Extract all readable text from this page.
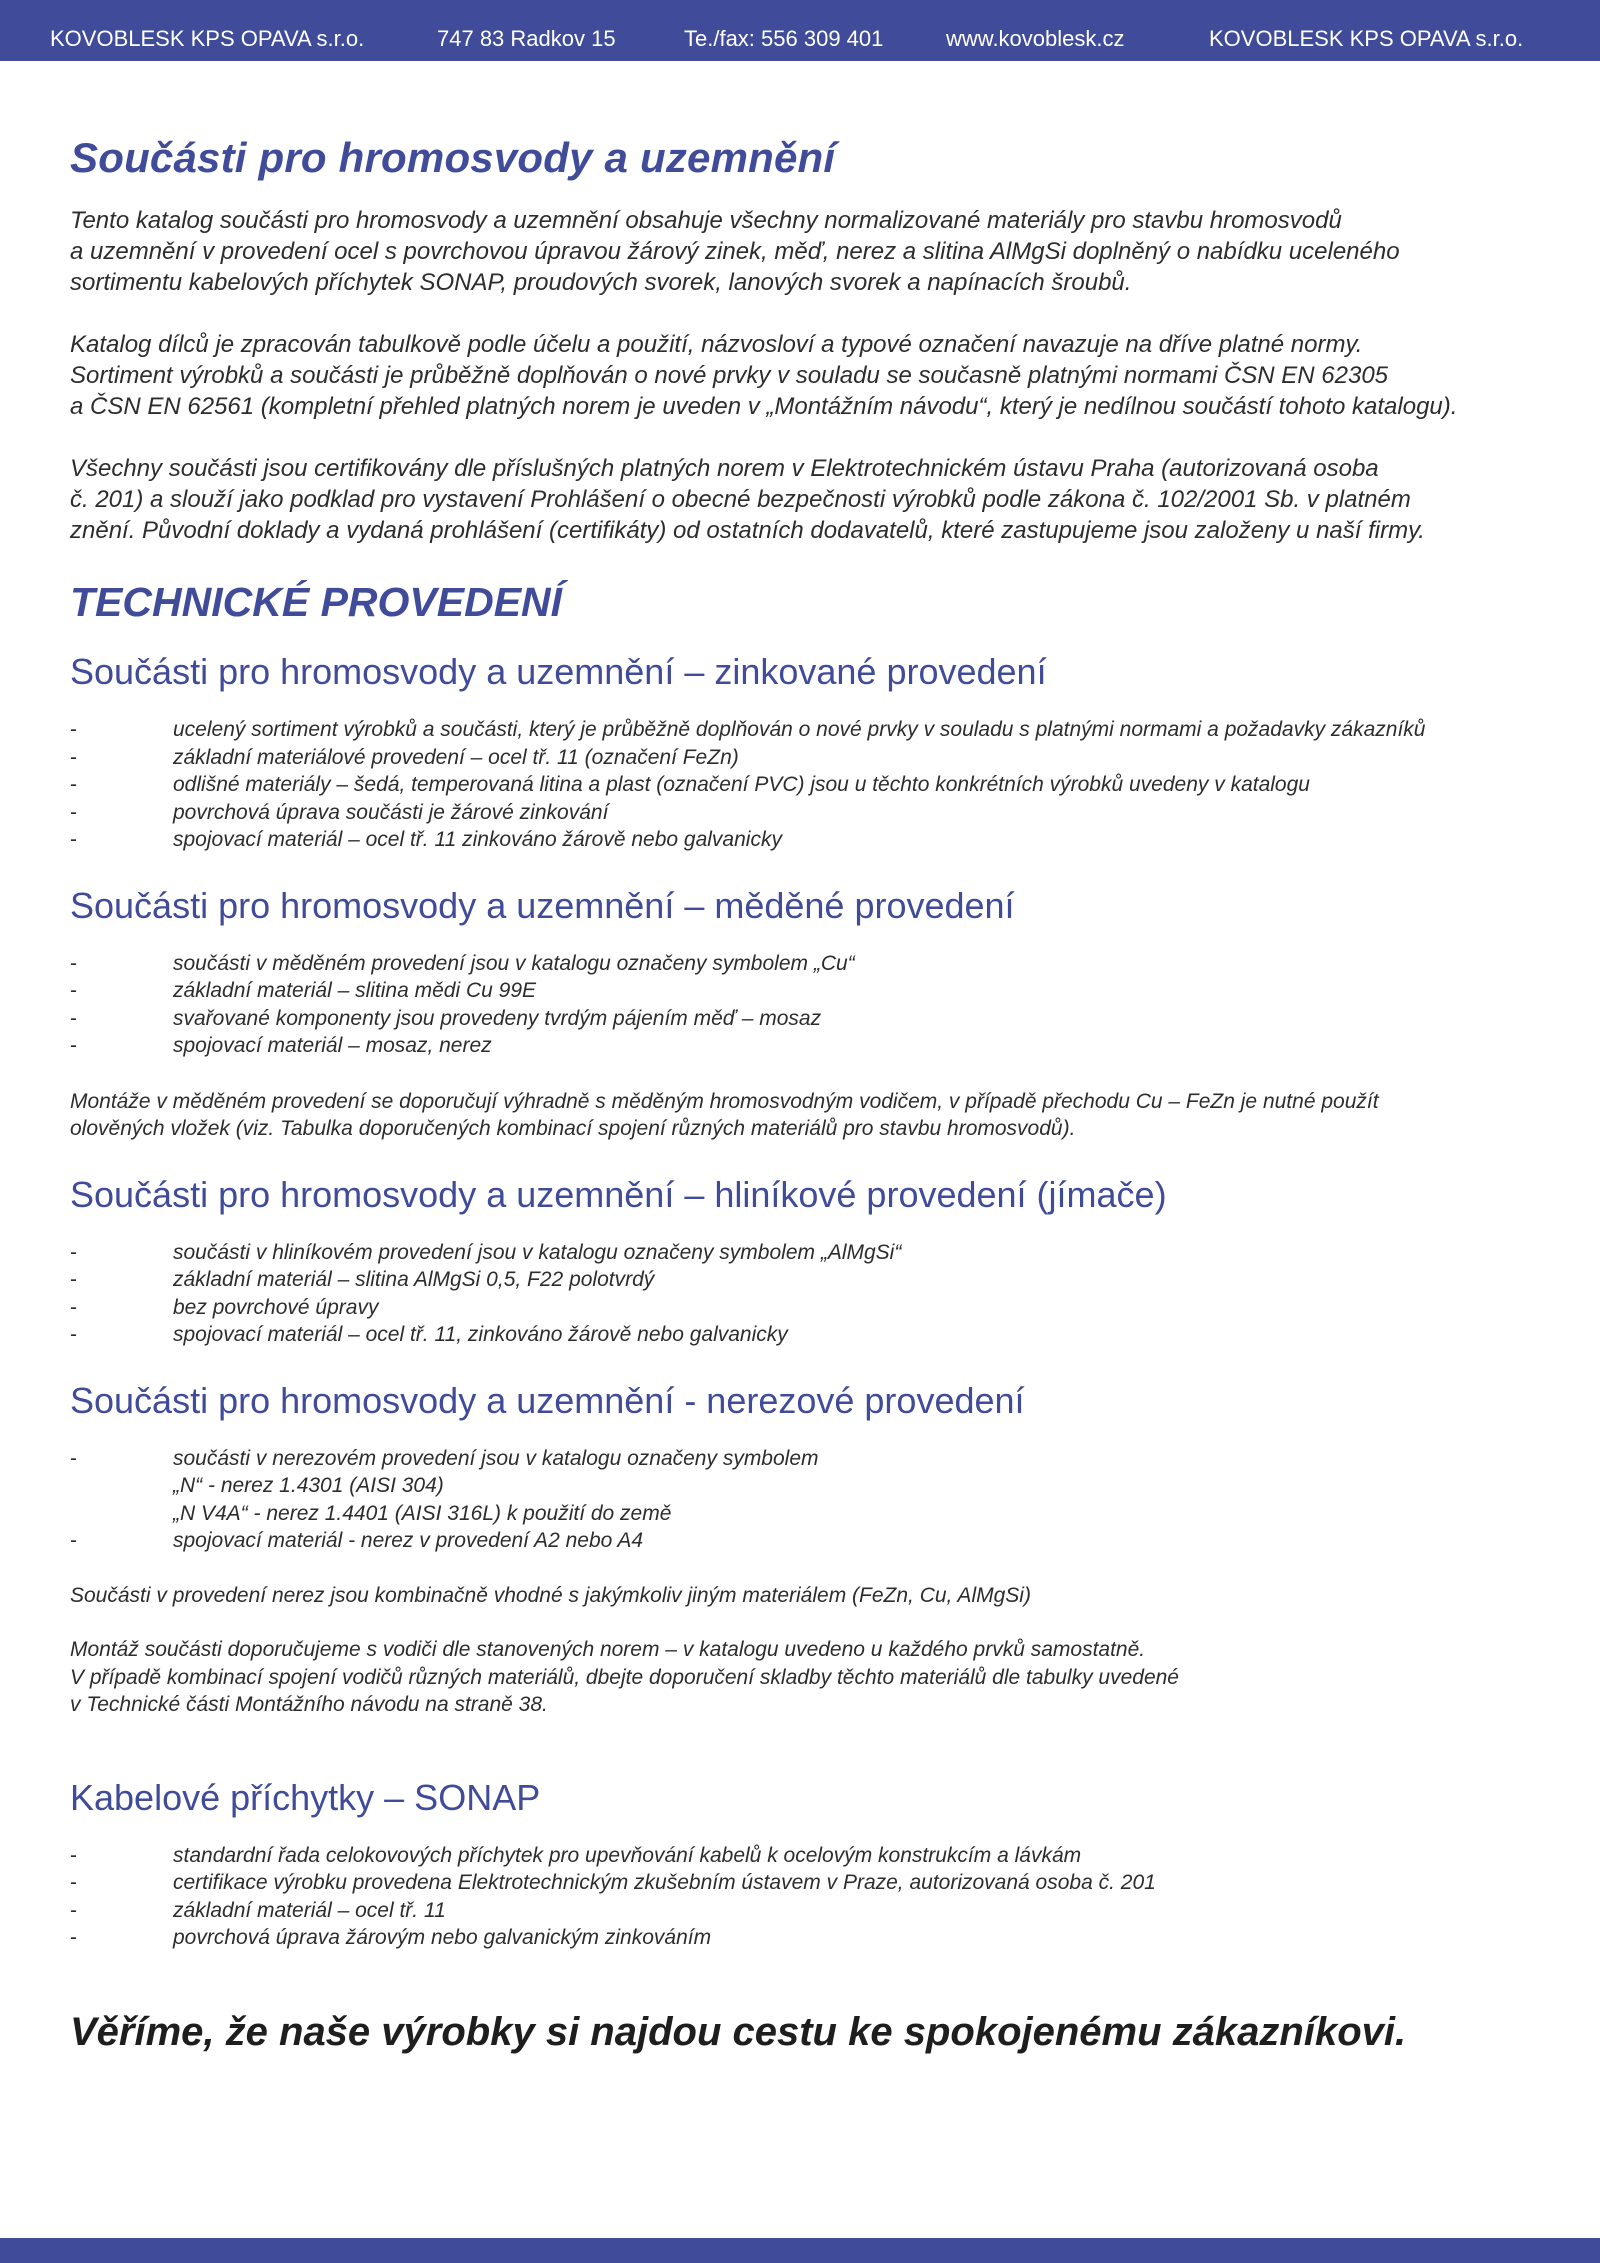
KOVOBLESK KPS OPAVA s.r.o.	747 83 Radkov 15	Te./fax: 556 309 401	www.kovoblesk.cz	KOVOBLESK KPS OPAVA s.r.o.
Součásti pro hromosvody a uzemnění

Tento katalog součásti pro hromosvody a uzemnění obsahuje všechny normalizované materiály pro stavbu hromosvodů
a uzemnění v provedení ocel s povrchovou úpravou žárový zinek, měď, nerez a slitina AlMgSi doplněný o nabídku uceleného
sortimentu kabelových příchytek SONAP, proudových svorek, lanových svorek a napínacích šroubů.

Katalog dílců je zpracován tabulkově podle účelu a použití, názvosloví a typové označení navazuje na dříve platné normy.
Sortiment výrobků a součásti je průběžně doplňován o nové prvky v souladu se současně platnými normami ČSN EN 62305
a ČSN EN 62561 (kompletní přehled platných norem je uveden v „Montážním návodu“, který je nedílnou součástí tohoto katalogu).

Všechny součásti jsou certifikovány dle příslušných platných norem v Elektrotechnickém ústavu Praha (autorizovaná osoba
č. 201) a slouží jako podklad pro vystavení Prohlášení o obecné bezpečnosti výrobků podle zákona č. 102/2001 Sb. v platném
znění. Původní doklady a vydaná prohlášení (certifikáty) od ostatních dodavatelů, které zastupujeme jsou založeny u naší firmy.

TECHNICKÉ PROVEDENÍ
Součásti pro hromosvody a uzemnění – zinkované provedení
-	ucelený sortiment výrobků a součásti, který je průběžně doplňován o nové prvky v souladu s platnými normami a požadavky zákazníků
-	základní materiálové provedení – ocel tř. 11 (označení FeZn)
-	odlišné materiály – šedá, temperovaná litina a plast (označení PVC) jsou u těchto konkrétních výrobků uvedeny v katalogu
-	povrchová úprava součásti je žárové zinkování
-	spojovací materiál – ocel tř. 11 zinkováno žárově nebo galvanicky
Součásti pro hromosvody a uzemnění – měděné provedení
-	součásti v měděném provedení jsou v katalogu označeny symbolem „Cu“
-	základní materiál – slitina mědi Cu 99E
-	svařované komponenty jsou provedeny tvrdým pájením měď – mosaz
-	spojovací materiál – mosaz, nerez

Montáže v měděném provedení se doporučují výhradně s měděným hromosvodným vodičem, v případě přechodu Cu – FeZn je nutné použít
olověných vložek (viz. Tabulka doporučených kombinací spojení různých materiálů pro stavbu hromosvodů).

Součásti pro hromosvody a uzemnění – hliníkové provedení (jímače)
-	součásti v hliníkovém provedení jsou v katalogu označeny symbolem „AlMgSi“
-	základní materiál – slitina AlMgSi 0,5, F22 polotvrdý
-	bez povrchové úpravy
-	spojovací materiál – ocel tř. 11, zinkováno žárově nebo galvanicky
Součásti pro hromosvody a uzemnění - nerezové provedení
-	součásti v nerezovém provedení jsou v katalogu označeny symbolem
„N“ - nerez 1.4301 (AISI 304)
„N V4A“ - nerez 1.4401 (AISI 316L) k použití do země
-	spojovací materiál - nerez v provedení A2 nebo A4

Součásti v provedení nerez jsou kombinačně vhodné s jakýmkoliv jiným materiálem (FeZn, Cu, AlMgSi)

Montáž součásti doporučujeme s vodiči dle stanovených norem – v katalogu uvedeno u každého prvků samostatně.
V případě kombinací spojení vodičů různých materiálů, dbejte doporučení skladby těchto materiálů dle tabulky uvedené
v Technické části Montážního návodu na straně 38.

Kabelové příchytky – SONAP
-	standardní řada celokovových příchytek pro upevňování kabelů k ocelovým konstrukcím a lávkám
-	certifikace výrobku provedena Elektrotechnickým zkušebním ústavem v Praze, autorizovaná osoba č. 201
-	základní materiál – ocel tř. 11
-	povrchová úprava žárovým nebo galvanickým zinkováním

Věříme, že naše výrobky si najdou cestu ke spokojenému zákazníkovi.
